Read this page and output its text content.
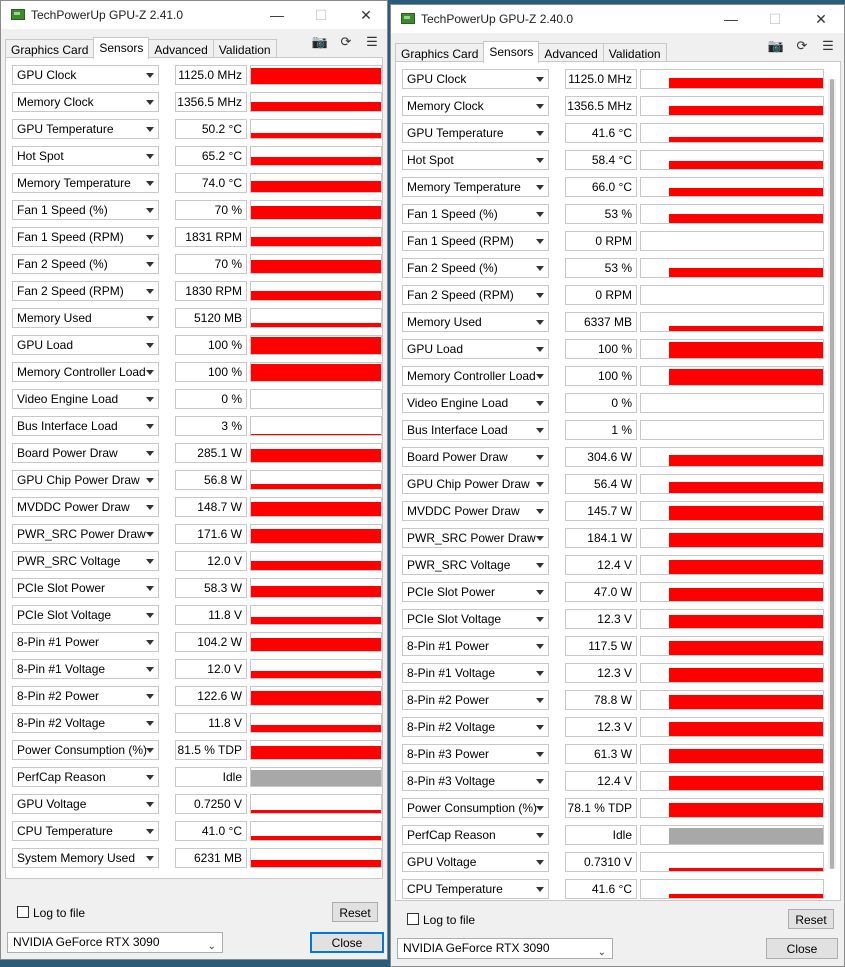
TechPowerUp GPU-Z 2.41.0	—	☐	✕
Graphics Card Sensors Advanced Validation
📷 ⟳ ☰
GPU Clock	1125.0 MHz
Memory Clock	1356.5 MHz
GPU Temperature	50.2 °C
Hot Spot	65.2 °C
Memory Temperature	74.0 °C
Fan 1 Speed (%)	70 %
Fan 1 Speed (RPM)	1831 RPM
Fan 2 Speed (%)	70 %
Fan 2 Speed (RPM)	1830 RPM
Memory Used	5120 MB
GPU Load	100 %
Memory Controller Load	100 %
Video Engine Load	0 %
Bus Interface Load	3 %
Board Power Draw	285.1 W
GPU Chip Power Draw	56.8 W
MVDDC Power Draw	148.7 W
PWR_SRC Power Draw	171.6 W
PWR_SRC Voltage	12.0 V
PCIe Slot Power	58.3 W
PCIe Slot Voltage	11.8 V
8-Pin #1 Power	104.2 W
8-Pin #1 Voltage	12.0 V
8-Pin #2 Power	122.6 W
8-Pin #2 Voltage	11.8 V
Power Consumption (%)	81.5 % TDP
PerfCap Reason	Idle
GPU Voltage	0.7250 V
CPU Temperature	41.0 °C
System Memory Used	6231 MB
Log to file	Reset
NVIDIA GeForce RTX 3090	⌄	Close
TechPowerUp GPU-Z 2.40.0	—	☐	✕
Graphics Card Sensors Advanced Validation
📷 ⟳ ☰
GPU Clock	1125.0 MHz
Memory Clock	1356.5 MHz
GPU Temperature	41.6 °C
Hot Spot	58.4 °C
Memory Temperature	66.0 °C
Fan 1 Speed (%)	53 %
Fan 1 Speed (RPM)	0 RPM
Fan 2 Speed (%)	53 %
Fan 2 Speed (RPM)	0 RPM
Memory Used	6337 MB
GPU Load	100 %
Memory Controller Load	100 %
Video Engine Load	0 %
Bus Interface Load	1 %
Board Power Draw	304.6 W
GPU Chip Power Draw	56.4 W
MVDDC Power Draw	145.7 W
PWR_SRC Power Draw	184.1 W
PWR_SRC Voltage	12.4 V
PCIe Slot Power	47.0 W
PCIe Slot Voltage	12.3 V
8-Pin #1 Power	117.5 W
8-Pin #1 Voltage	12.3 V
8-Pin #2 Power	78.8 W
8-Pin #2 Voltage	12.3 V
8-Pin #3 Power	61.3 W
8-Pin #3 Voltage	12.4 V
Power Consumption (%)	78.1 % TDP
PerfCap Reason	Idle
GPU Voltage	0.7310 V
CPU Temperature	41.6 °C
Log to file	Reset
NVIDIA GeForce RTX 3090	⌄	Close
